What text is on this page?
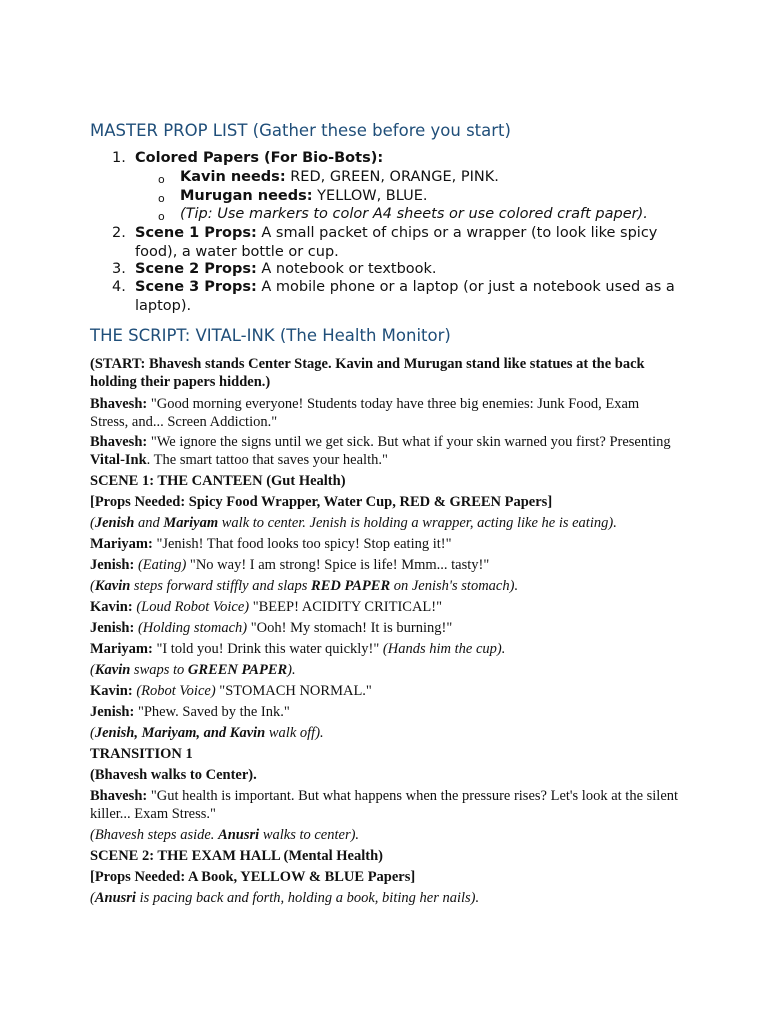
MASTER PROP LIST (Gather these before you start)
1. Colored Papers (For Bio-Bots):
o Kavin needs: RED, GREEN, ORANGE, PINK.
o Murugan needs: YELLOW, BLUE.
o (Tip: Use markers to color A4 sheets or use colored craft paper).
2. Scene 1 Props: A small packet of chips or a wrapper (to look like spicy food), a water bottle or cup.
3. Scene 2 Props: A notebook or textbook.
4. Scene 3 Props: A mobile phone or a laptop (or just a notebook used as a laptop).
THE SCRIPT: VITAL-INK (The Health Monitor)
(START: Bhavesh stands Center Stage. Kavin and Murugan stand like statues at the back holding their papers hidden.)
Bhavesh: "Good morning everyone! Students today have three big enemies: Junk Food, Exam Stress, and... Screen Addiction."
Bhavesh: "We ignore the signs until we get sick. But what if your skin warned you first? Presenting Vital-Ink. The smart tattoo that saves your health."
SCENE 1: THE CANTEEN (Gut Health)
[Props Needed: Spicy Food Wrapper, Water Cup, RED & GREEN Papers]
(Jenish and Mariyam walk to center. Jenish is holding a wrapper, acting like he is eating).
Mariyam: "Jenish! That food looks too spicy! Stop eating it!"
Jenish: (Eating) "No way! I am strong! Spice is life! Mmm... tasty!"
(Kavin steps forward stiffly and slaps RED PAPER on Jenish's stomach).
Kavin: (Loud Robot Voice) "BEEP! ACIDITY CRITICAL!"
Jenish: (Holding stomach) "Ooh! My stomach! It is burning!"
Mariyam: "I told you! Drink this water quickly!" (Hands him the cup).
(Kavin swaps to GREEN PAPER).
Kavin: (Robot Voice) "STOMACH NORMAL."
Jenish: "Phew. Saved by the Ink."
(Jenish, Mariyam, and Kavin walk off).
TRANSITION 1
(Bhavesh walks to Center).
Bhavesh: "Gut health is important. But what happens when the pressure rises? Let's look at the silent killer... Exam Stress."
(Bhavesh steps aside. Anusri walks to center).
SCENE 2: THE EXAM HALL (Mental Health)
[Props Needed: A Book, YELLOW & BLUE Papers]
(Anusri is pacing back and forth, holding a book, biting her nails).
